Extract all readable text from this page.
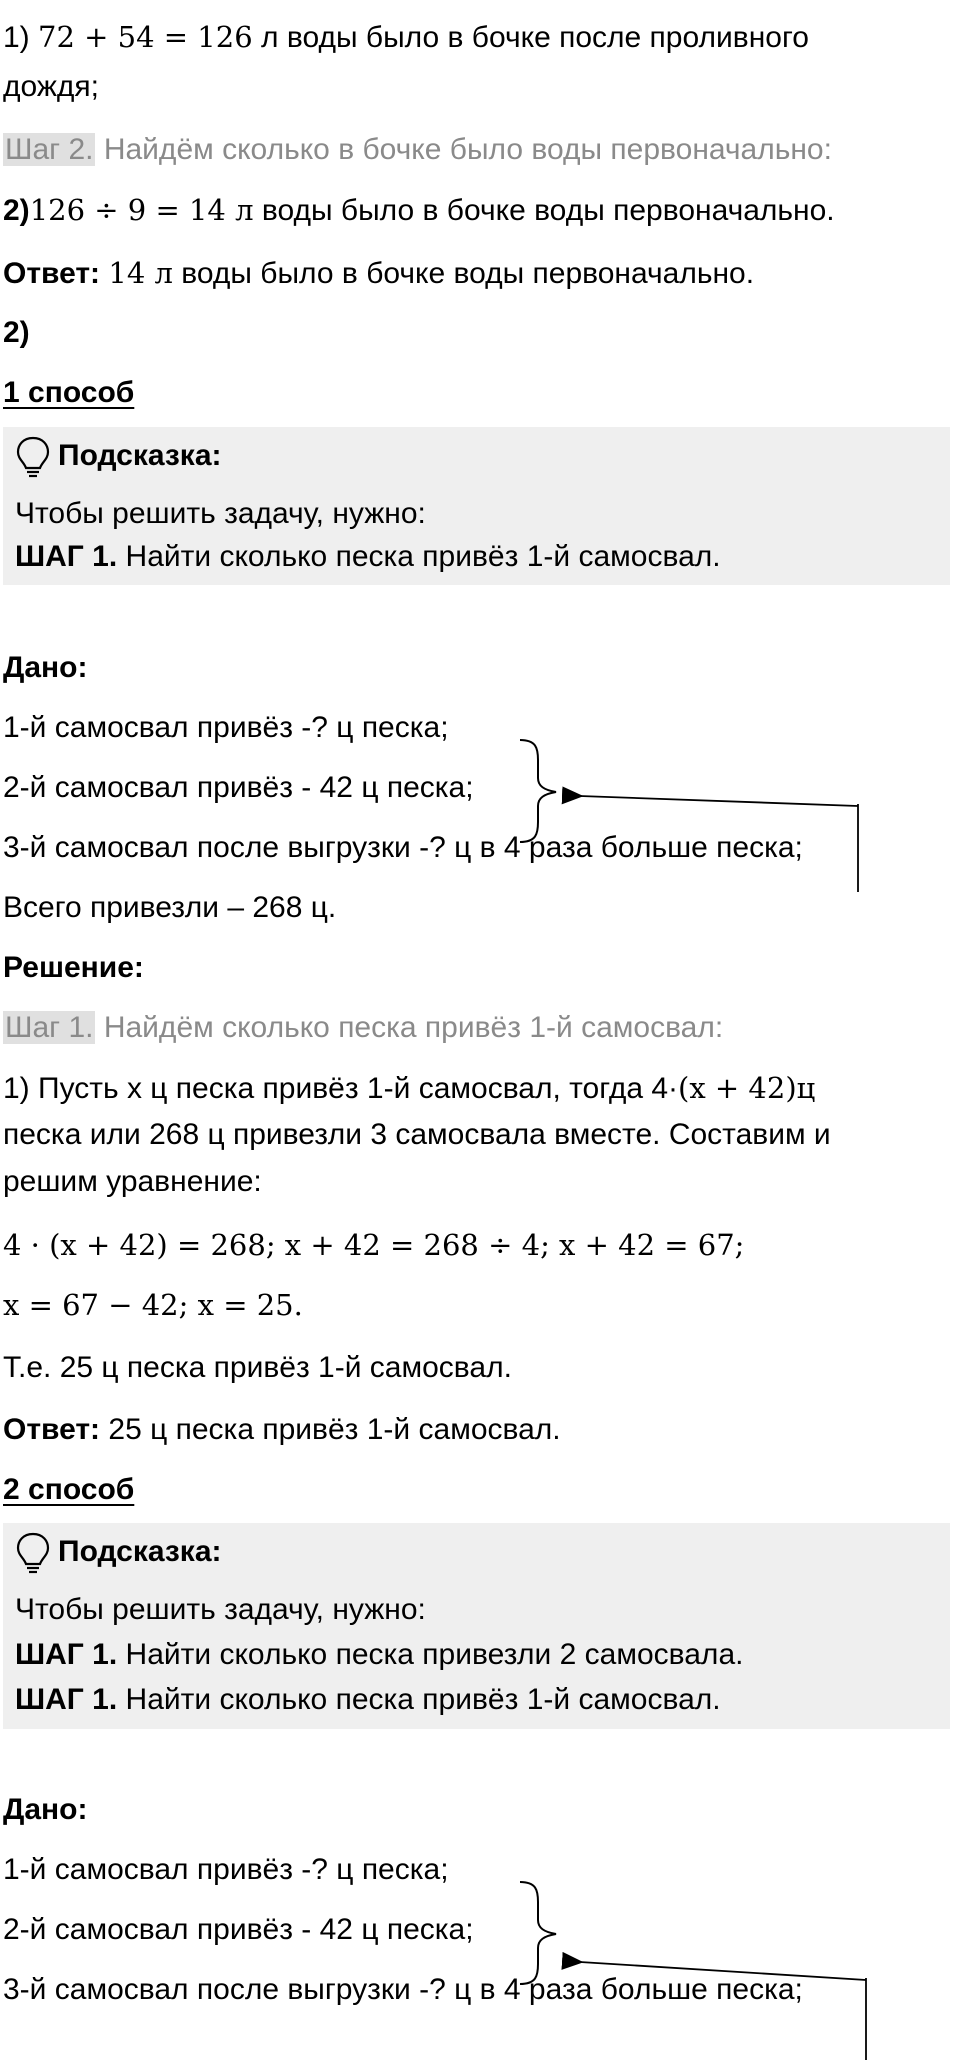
1) 72 + 54 = 126 л воды было в бочке после проливного
дождя;
Шаг 2. Найдём сколько в бочке было воды первоначально:
2)126 ÷ 9 = 14 л воды было в бочке воды первоначально.
Ответ: 14 л воды было в бочке воды первоначально.
2)
1 способ
Подсказка:
Чтобы решить задачу, нужно:
ШАГ 1. Найти сколько песка привёз 1-й самосвал.
Дано:
1-й самосвал привёз -? ц песка;
2-й самосвал привёз - 42 ц песка;
3-й самосвал после выгрузки -? ц в 4 раза больше песка;
Всего привезли – 268 ц.
Решение:
Шаг 1. Найдём сколько песка привёз 1-й самосвал:
1) Пусть х ц песка привёз 1-й самосвал, тогда 4·(x + 42)ц
песка или 268 ц привезли 3 самосвала вместе. Составим и
решим уравнение:
4 · (x + 42) = 268; x + 42 = 268 ÷ 4; x + 42 = 67;
x = 67 − 42; x = 25.
Т.е. 25 ц песка привёз 1-й самосвал.
Ответ: 25 ц песка привёз 1-й самосвал.
2 способ
Подсказка:
Чтобы решить задачу, нужно:
ШАГ 1. Найти сколько песка привезли 2 самосвала.
ШАГ 1. Найти сколько песка привёз 1-й самосвал.
Дано:
1-й самосвал привёз -? ц песка;
2-й самосвал привёз - 42 ц песка;
3-й самосвал после выгрузки -? ц в 4 раза больше песка;
